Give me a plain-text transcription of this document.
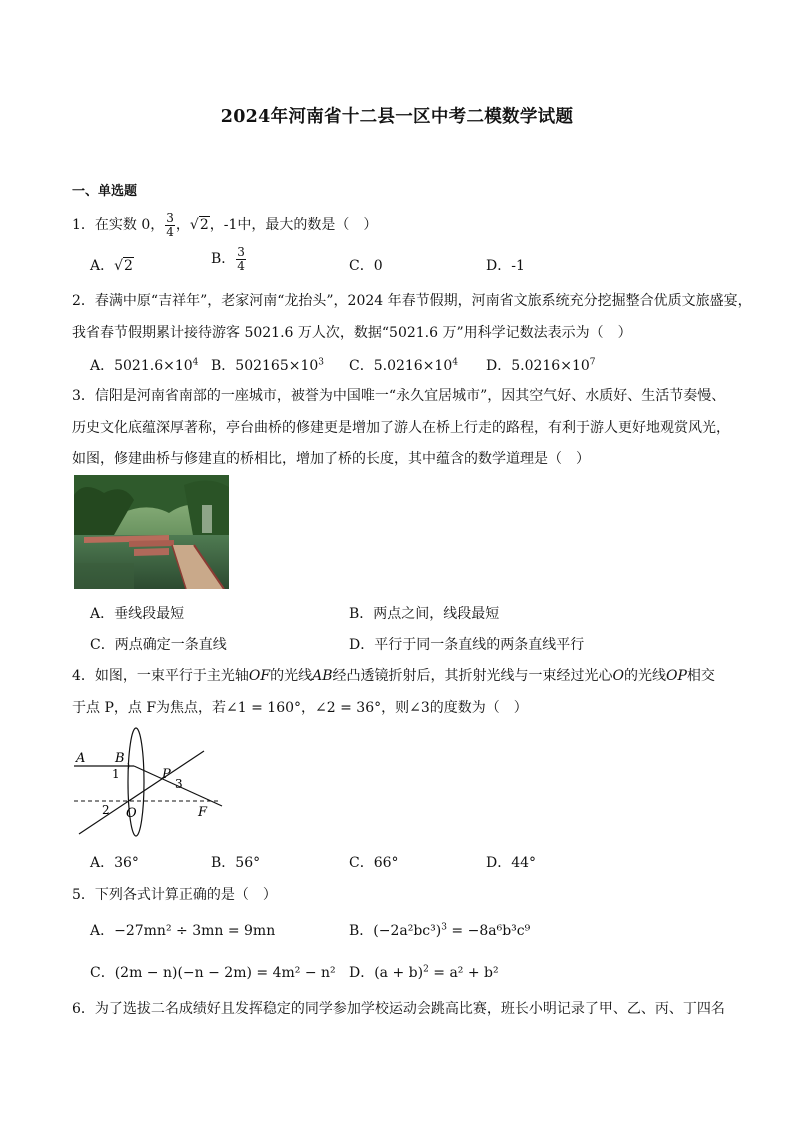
2024年河南省十二县一区中考二模数学试题
一、单选题
1．在实数 0， $\frac{3}{4}$ ，√2，-1中，最大的数是（　）
A．√2	B． $\frac{3}{4}$	C．0	D．-1
2．春满中原“吉祥年”，老家河南“龙抬头”，2024 年春节假期，河南省文旅系统充分挖掘整合优质文旅盛宴，
我省春节假期累计接待游客 5021.6 万人次，数据“5021.6 万”用科学记数法表示为（　）
A．$5021.6\times 10^4$ B．$502165\times 10^3$ C．$5.0216\times 10^4$ D．$5.0216\times 10^7$
3．信阳是河南省南部的一座城市，被誉为中国唯一“永久宜居城市”，因其空气好、水质好、生活节奏慢、
历史文化底蕴深厚著称，亭台曲桥的修建更是增加了游人在桥上行走的路程，有利于游人更好地观赏风光，
如图，修建曲桥与修建直的桥相比，增加了桥的长度，其中蕴含的数学道理是（　）
A．垂线段最短	B．两点之间，线段最短
C．两点确定一条直线	D．平行于同一条直线的两条直线平行
4．如图，一束平行于主光轴OF的光线AB经凸透镜折射后，其折射光线与一束经过光心O的光线OP相交
于点 P，点 F为焦点，若∠1 = 160°，∠2 = 36°，则∠3的度数为（　）
A B
1	P
3
2 O	F
A．36°	B．56°	C．66°	D．44°
5．下列各式计算正确的是（　）
A．−27mn² ÷ 3mn = 9mn	B．$(-2a^2bc^3)^3 = -8a^6b^3c^9$
C．(2m − n)(−n − 2m) = 4m² − n² D．$(a + b)^2 = a^2 + b^2$
6．为了选拔二名成绩好且发挥稳定的同学参加学校运动会跳高比赛，班长小明记录了甲、乙、丙、丁四名
